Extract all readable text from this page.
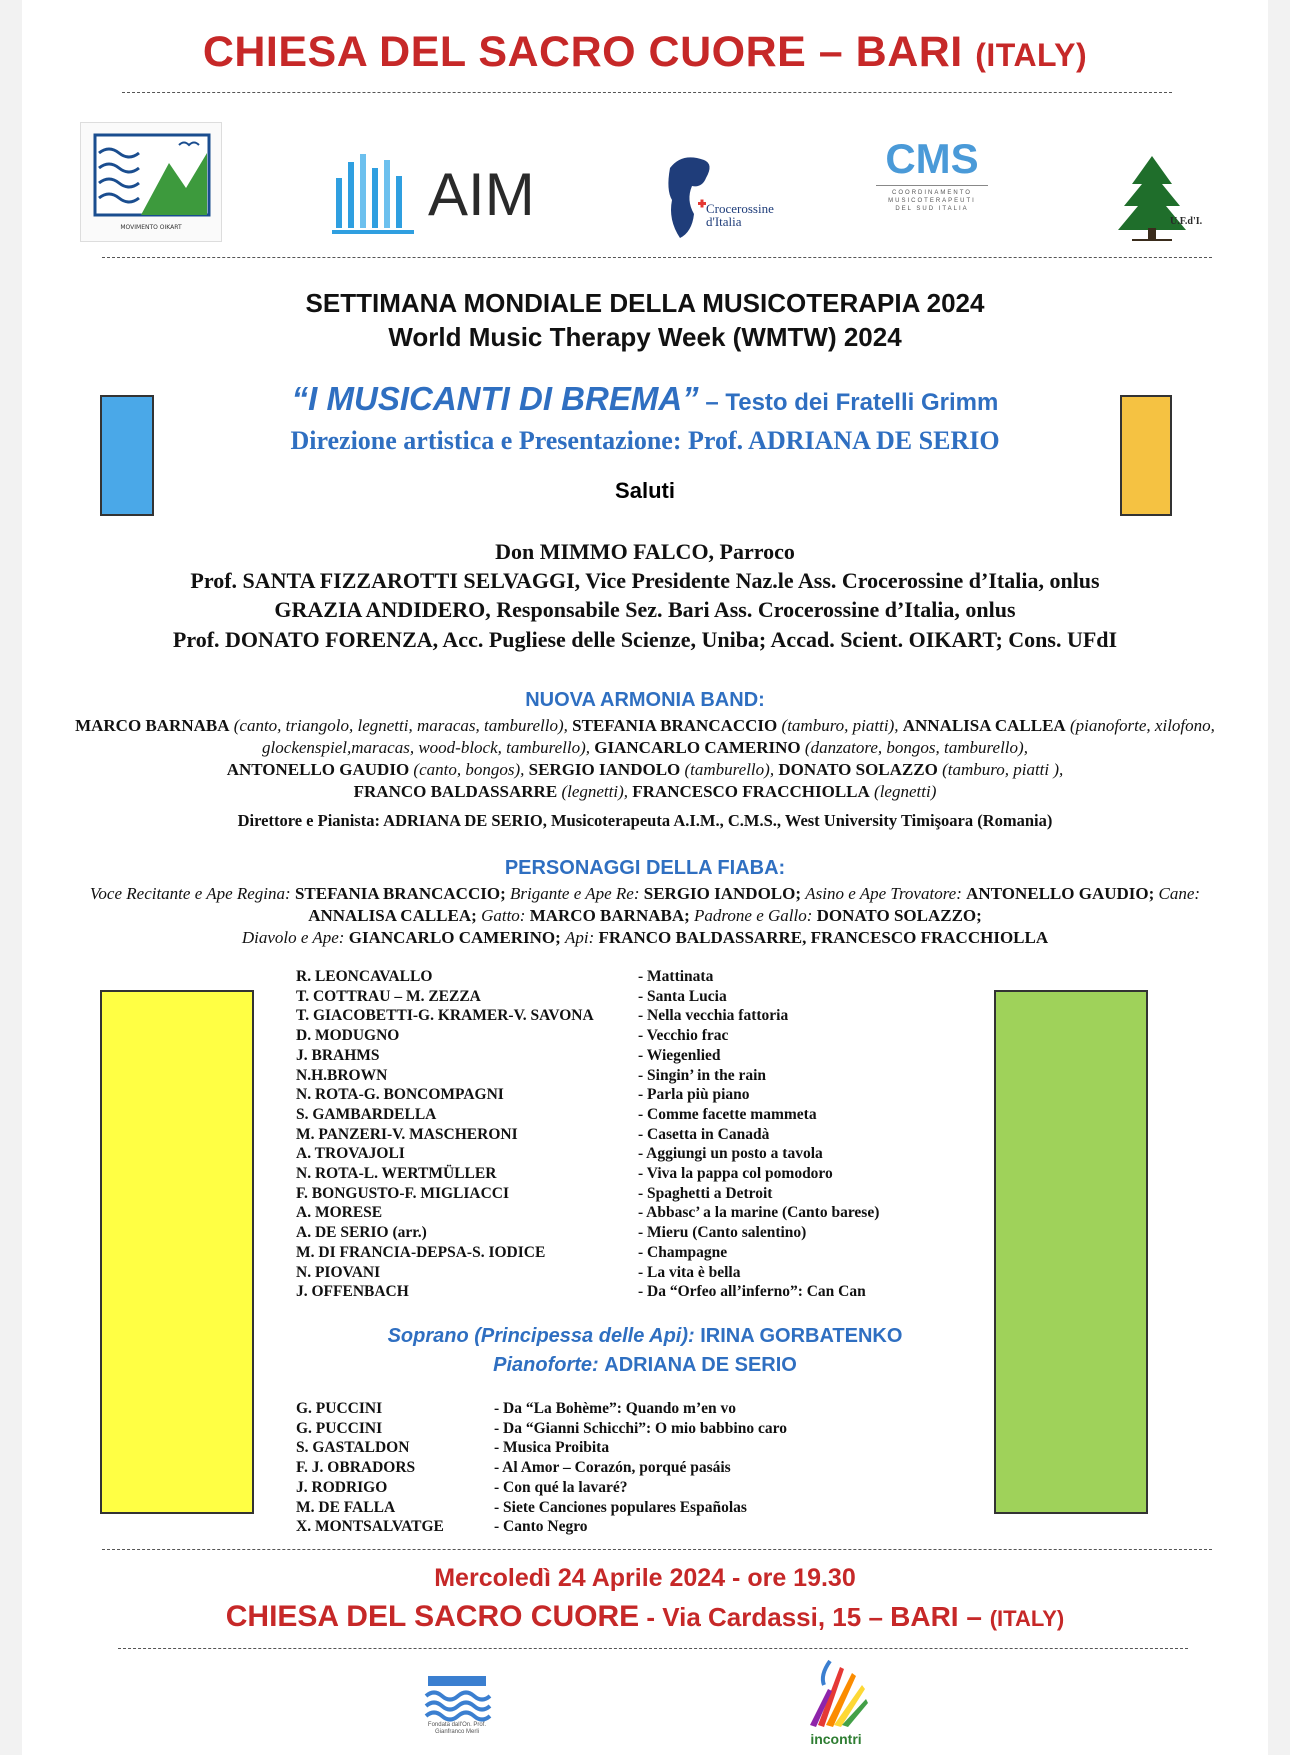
CHIESA DEL SACRO CUORE – BARI (ITALY)
MOVIMENTO OIKART	AIM	Crocerossine
d'Italia
CMS
COORDINAMENTO
MUSICOTERAPEUTI
DEL SUD ITALIA
U.F.d'I.
SETTIMANA MONDIALE DELLA MUSICOTERAPIA 2024
World Music Therapy Week (WMTW) 2024
“I MUSICANTI DI BREMA” – Testo dei Fratelli Grimm
Direzione artistica e Presentazione: Prof. ADRIANA DE SERIO
Saluti
Don MIMMO FALCO, Parroco
Prof. SANTA FIZZAROTTI SELVAGGI, Vice Presidente Naz.le Ass. Crocerossine d’Italia, onlus
GRAZIA ANDIDERO, Responsabile Sez. Bari Ass. Crocerossine d’Italia, onlus
Prof. DONATO FORENZA, Acc. Pugliese delle Scienze, Uniba; Accad. Scient. OIKART; Cons. UFdI
NUOVA ARMONIA BAND:
MARCO BARNABA (canto, triangolo, legnetti, maracas, tamburello), STEFANIA BRANCACCIO (tamburo, piatti), ANNALISA CALLEA (pianoforte, xilofono, glockenspiel,maracas, wood-block, tamburello), GIANCARLO CAMERINO (danzatore, bongos, tamburello),
ANTONELLO GAUDIO (canto, bongos), SERGIO IANDOLO (tamburello), DONATO SOLAZZO (tamburo, piatti ),
FRANCO BALDASSARRE (legnetti), FRANCESCO FRACCHIOLLA (legnetti)
Direttore e Pianista: ADRIANA DE SERIO, Musicoterapeuta A.I.M., C.M.S., West University Timişoara (Romania)
PERSONAGGI DELLA FIABA:
Voce Recitante e Ape Regina: STEFANIA BRANCACCIO; Brigante e Ape Re: SERGIO IANDOLO; Asino e Ape Trovatore: ANTONELLO GAUDIO; Cane: ANNALISA CALLEA; Gatto: MARCO BARNABA; Padrone e Gallo: DONATO SOLAZZO;
Diavolo e Ape: GIANCARLO CAMERINO; Api: FRANCO BALDASSARRE, FRANCESCO FRACCHIOLLA
R. LEONCAVALLO	- Mattinata
T. COTTRAU – M. ZEZZA	- Santa Lucia
T. GIACOBETTI-G. KRAMER-V. SAVONA	- Nella vecchia fattoria
D. MODUGNO	- Vecchio frac
J. BRAHMS	- Wiegenlied
N.H.BROWN	- Singin’ in the rain
N. ROTA-G. BONCOMPAGNI	- Parla più piano
S. GAMBARDELLA	- Comme facette mammeta
M. PANZERI-V. MASCHERONI	- Casetta in Canadà
A. TROVAJOLI	- Aggiungi un posto a tavola
N. ROTA-L. WERTMÜLLER	- Viva la pappa col pomodoro
F. BONGUSTO-F. MIGLIACCI	- Spaghetti a Detroit
A. MORESE	- Abbasc’ a la marine (Canto barese)
A. DE SERIO (arr.)	- Mieru (Canto salentino)
M. DI FRANCIA-DEPSA-S. IODICE	- Champagne
N. PIOVANI	- La vita è bella
J. OFFENBACH	- Da “Orfeo all’inferno”: Can Can
Soprano (Principessa delle Api): IRINA GORBATENKO
Pianoforte: ADRIANA DE SERIO
G. PUCCINI	- Da “La Bohème”: Quando m’en vo
G. PUCCINI	- Da “Gianni Schicchi”: O mio babbino caro
S. GASTALDON	- Musica Proibita
F. J. OBRADORS	- Al Amor – Corazón, porqué pasáis
J. RODRIGO	- Con qué la lavaré?
M. DE FALLA	- Siete Canciones populares Españolas
X. MONTSALVATGE	- Canto Negro
Mercoledì 24 Aprile 2024 - ore 19.30
CHIESA DEL SACRO CUORE - Via Cardassi, 15 – BARI – (ITALY)
Fondata dall'On. Prof.
Gianfranco Merli	incontri
